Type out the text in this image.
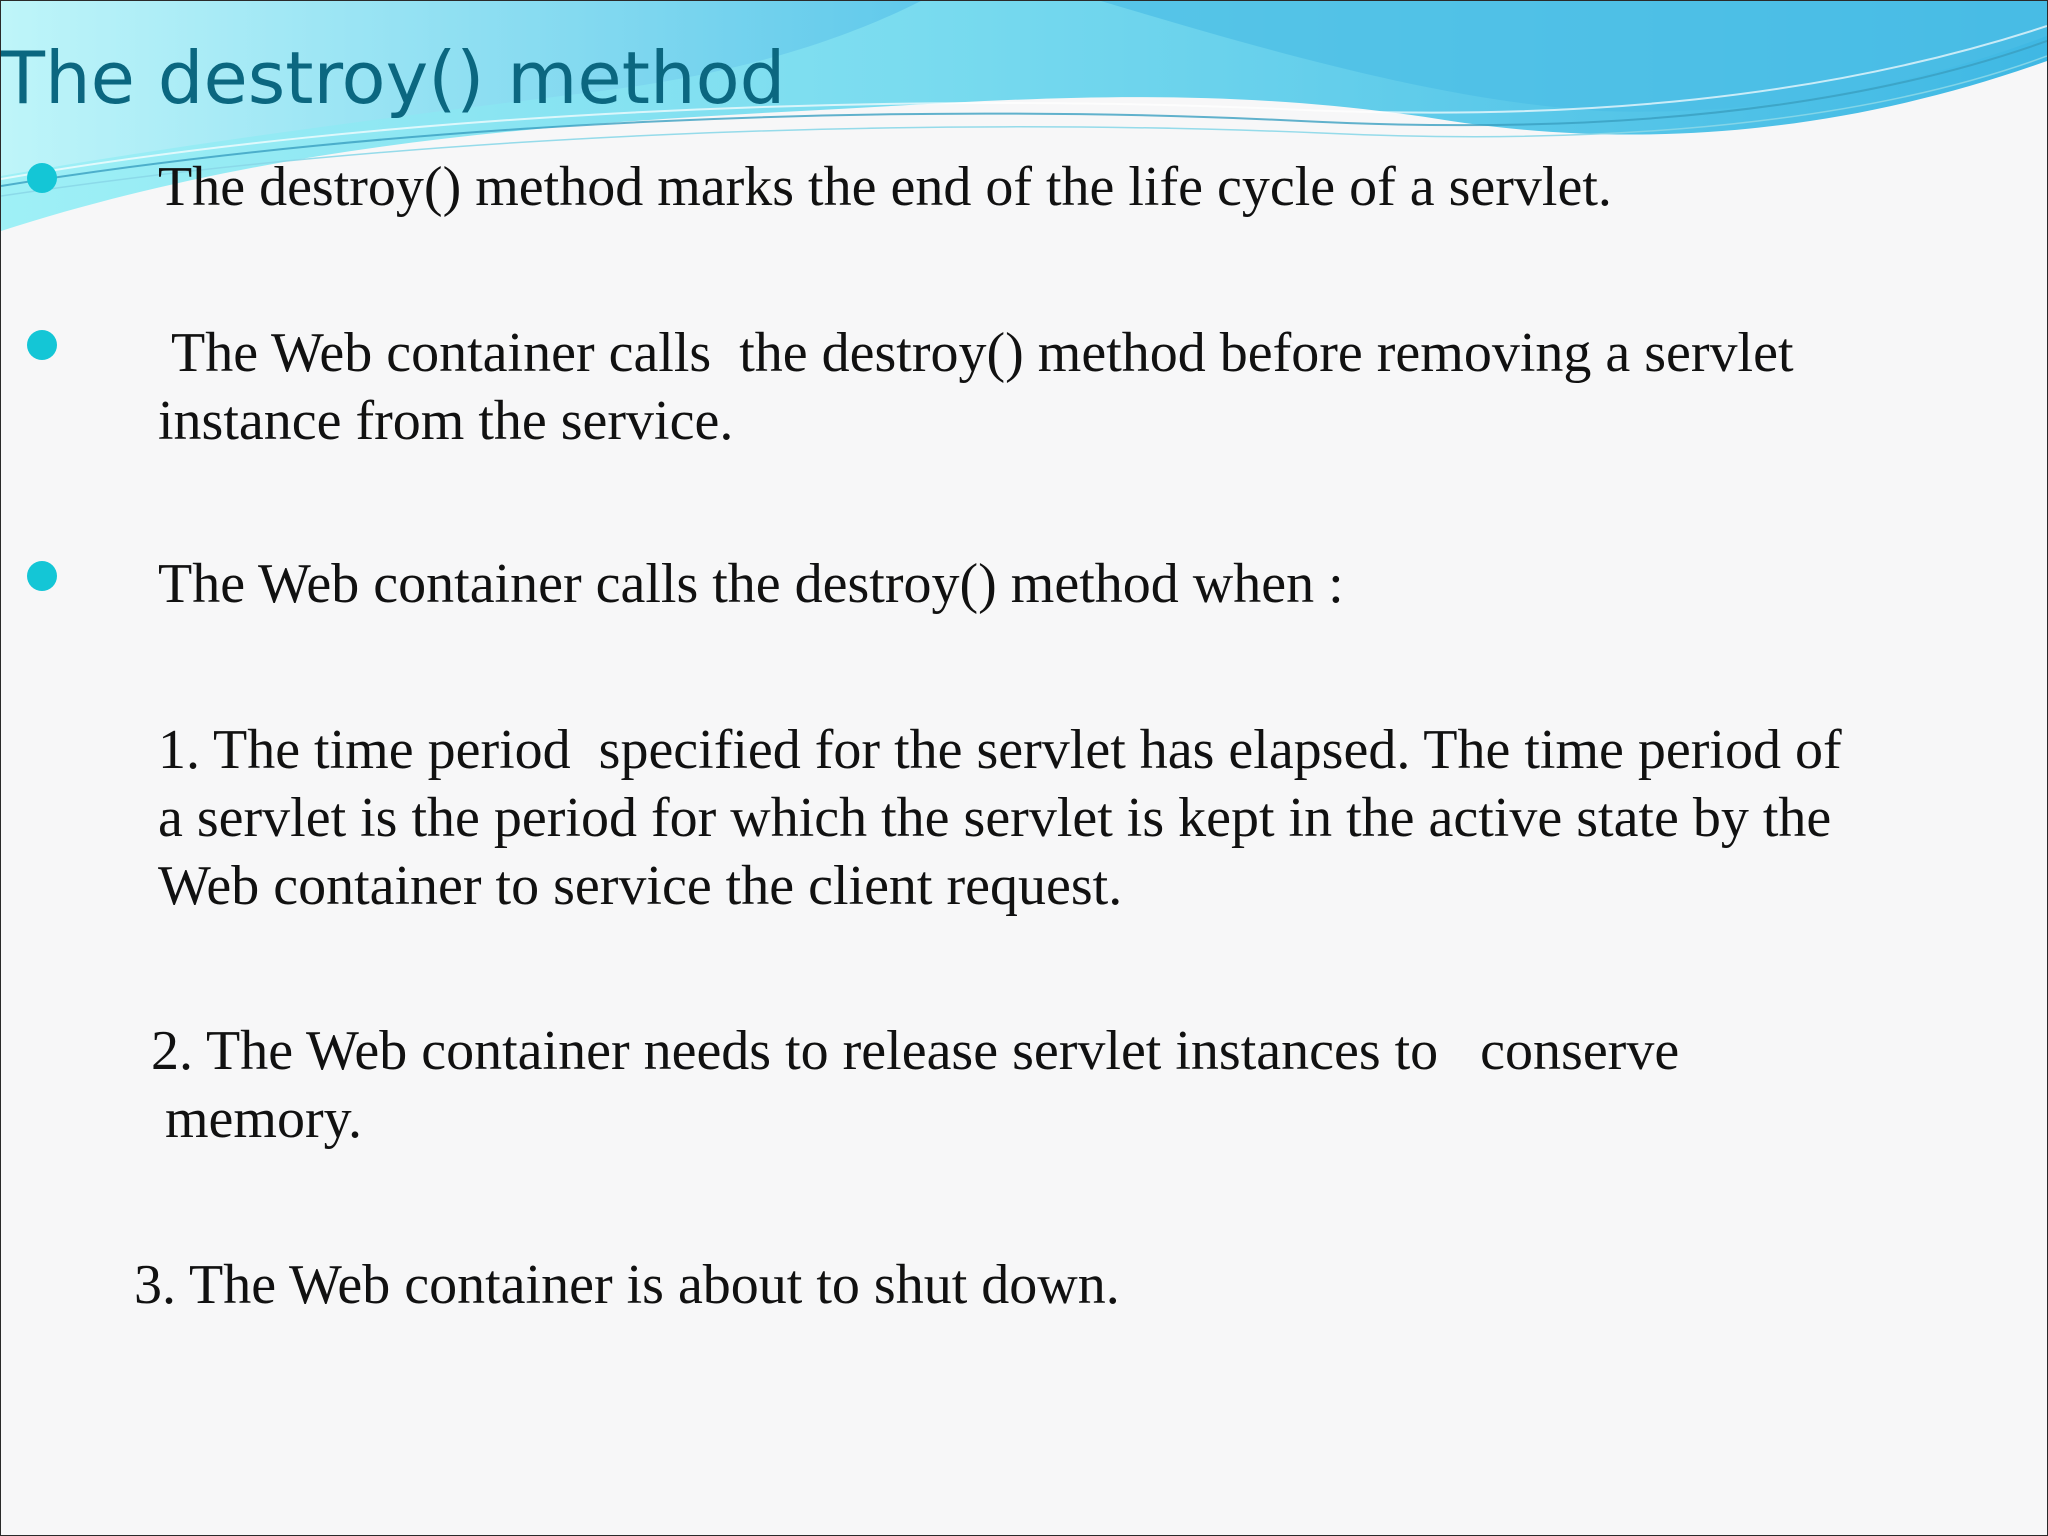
The destroy() method

The destroy() method marks the end of the life cycle of a servlet.

The Web container calls  the destroy() method before removing a servlet
instance from the service.

The Web container calls the destroy() method when :

1. The time period  specified for the servlet has elapsed. The time period of
a servlet is the period for which the servlet is kept in the active state by the
Web container to service the client request.

2. The Web container needs to release servlet instances to   conserve
memory.

3. The Web container is about to shut down.
